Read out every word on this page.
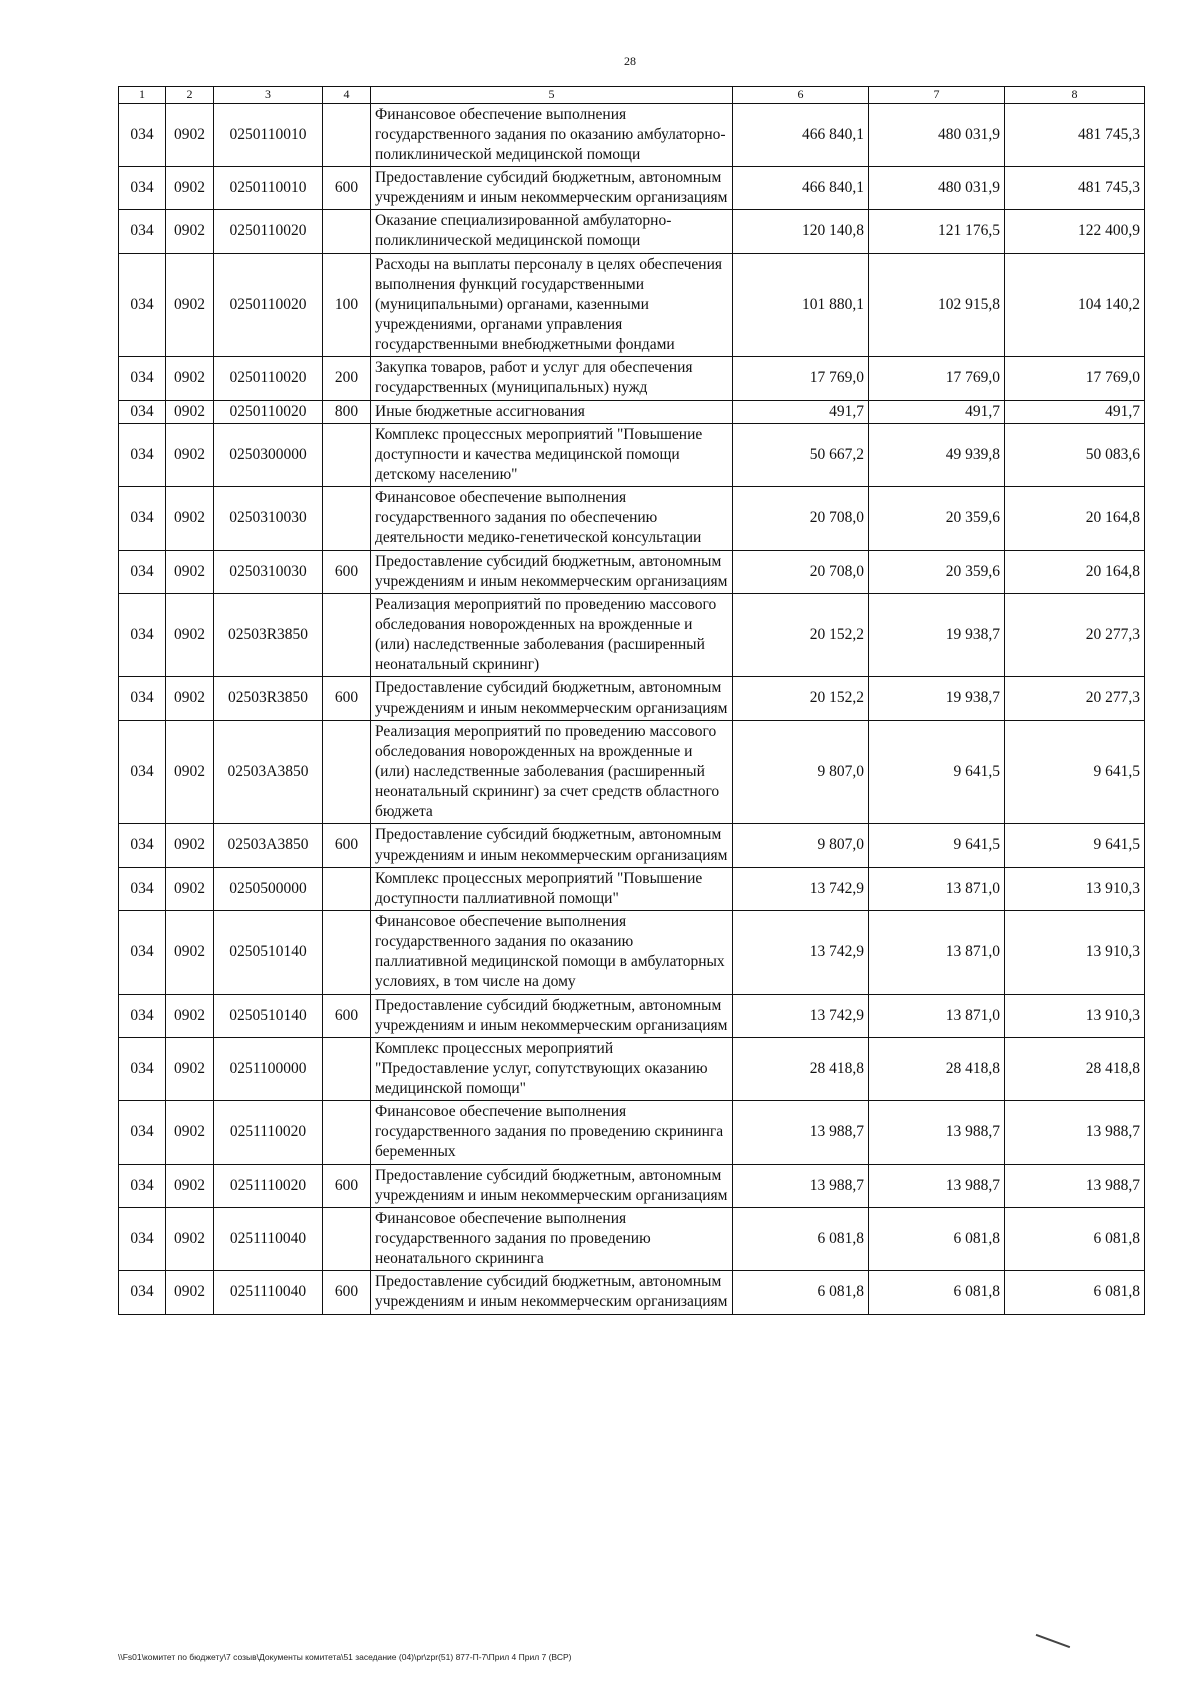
28
1	2	3	4	5	6	7	8
034	0902	0250110010		Финансовое обеспечение выполнения государственного задания по оказанию амбулаторно-поликлинической медицинской помощи	466 840,1	480 031,9	481 745,3
034	0902	0250110010	600	Предоставление субсидий бюджетным, автономным учреждениям и иным некоммерческим организациям	466 840,1	480 031,9	481 745,3
034	0902	0250110020		Оказание специализированной амбулаторно-поликлинической медицинской помощи	120 140,8	121 176,5	122 400,9
034	0902	0250110020	100	Расходы на выплаты персоналу в целях обеспечения выполнения функций государственными (муниципальными) органами, казенными учреждениями, органами управления государственными внебюджетными фондами	101 880,1	102 915,8	104 140,2
034	0902	0250110020	200	Закупка товаров, работ и услуг для обеспечения государственных (муниципальных) нужд	17 769,0	17 769,0	17 769,0
034	0902	0250110020	800	Иные бюджетные ассигнования	491,7	491,7	491,7
034	0902	0250300000		Комплекс процессных мероприятий "Повышение доступности и качества медицинской помощи детскому населению"	50 667,2	49 939,8	50 083,6
034	0902	0250310030		Финансовое обеспечение выполнения государственного задания по обеспечению деятельности медико-генетической консультации	20 708,0	20 359,6	20 164,8
034	0902	0250310030	600	Предоставление субсидий бюджетным, автономным учреждениям и иным некоммерческим организациям	20 708,0	20 359,6	20 164,8
034	0902	02503R3850		Реализация мероприятий по проведению массового обследования новорожденных на врожденные и (или) наследственные заболевания (расширенный неонатальный скрининг)	20 152,2	19 938,7	20 277,3
034	0902	02503R3850	600	Предоставление субсидий бюджетным, автономным учреждениям и иным некоммерческим организациям	20 152,2	19 938,7	20 277,3
034	0902	02503А3850		Реализация мероприятий по проведению массового обследования новорожденных на врожденные и (или) наследственные заболевания (расширенный неонатальный скрининг) за счет средств областного бюджета	9 807,0	9 641,5	9 641,5
034	0902	02503А3850	600	Предоставление субсидий бюджетным, автономным учреждениям и иным некоммерческим организациям	9 807,0	9 641,5	9 641,5
034	0902	0250500000		Комплекс процессных мероприятий "Повышение доступности паллиативной помощи"	13 742,9	13 871,0	13 910,3
034	0902	0250510140		Финансовое обеспечение выполнения государственного задания по оказанию паллиативной медицинской помощи в амбулаторных условиях, в том числе на дому	13 742,9	13 871,0	13 910,3
034	0902	0250510140	600	Предоставление субсидий бюджетным, автономным учреждениям и иным некоммерческим организациям	13 742,9	13 871,0	13 910,3
034	0902	0251100000		Комплекс процессных мероприятий "Предоставление услуг, сопутствующих оказанию медицинской помощи"	28 418,8	28 418,8	28 418,8
034	0902	0251110020		Финансовое обеспечение выполнения государственного задания по проведению скрининга беременных	13 988,7	13 988,7	13 988,7
034	0902	0251110020	600	Предоставление субсидий бюджетным, автономным учреждениям и иным некоммерческим организациям	13 988,7	13 988,7	13 988,7
034	0902	0251110040		Финансовое обеспечение выполнения государственного задания по проведению неонатального скрининга	6 081,8	6 081,8	6 081,8
034	0902	0251110040	600	Предоставление субсидий бюджетным, автономным учреждениям и иным некоммерческим организациям	6 081,8	6 081,8	6 081,8
\\Fs01\комитет по бюджету\7 созыв\Документы комитета\51 заседание (04)\pr\zpr(51) 877-П-7\Прил 4 Прил 7 (ВСР)
